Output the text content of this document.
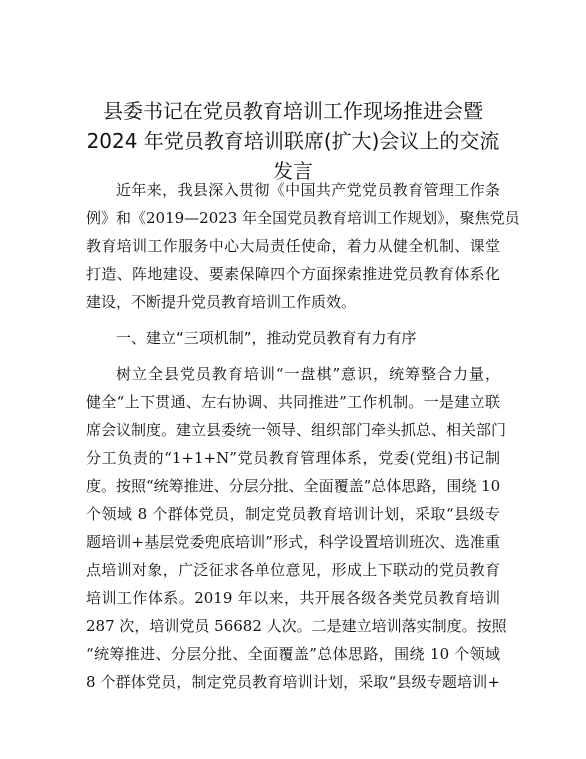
县委书记在党员教育培训工作现场推进会暨
2024 年党员教育培训联席(扩大)会议上的交流
发言
近年来，我县深入贯彻《中国共产党党员教育管理工作条
例》和《2019—2023 年全国党员教育培训工作规划》，聚焦党员
教育培训工作服务中心大局责任使命，着力从健全机制、课堂
打造、阵地建设、要素保障四个方面探索推进党员教育体系化
建设，不断提升党员教育培训工作质效。
一、建立“三项机制”，推动党员教育有力有序
树立全县党员教育培训“一盘棋”意识，统筹整合力量，
健全“上下贯通、左右协调、共同推进”工作机制。一是建立联
席会议制度。建立县委统一领导、组织部门牵头抓总、相关部门
分工负责的“1+1+N”党员教育管理体系，党委(党组)书记制
度。按照“统筹推进、分层分批、全面覆盖”总体思路，围绕 10
个领域 8 个群体党员，制定党员教育培训计划，采取“县级专
题培训+基层党委兜底培训”形式，科学设置培训班次、选准重
点培训对象，广泛征求各单位意见，形成上下联动的党员教育
培训工作体系。2019 年以来，共开展各级各类党员教育培训
287 次，培训党员 56682 人次。二是建立培训落实制度。按照
“统筹推进、分层分批、全面覆盖”总体思路，围绕 10 个领域
8 个群体党员，制定党员教育培训计划，采取“县级专题培训+
